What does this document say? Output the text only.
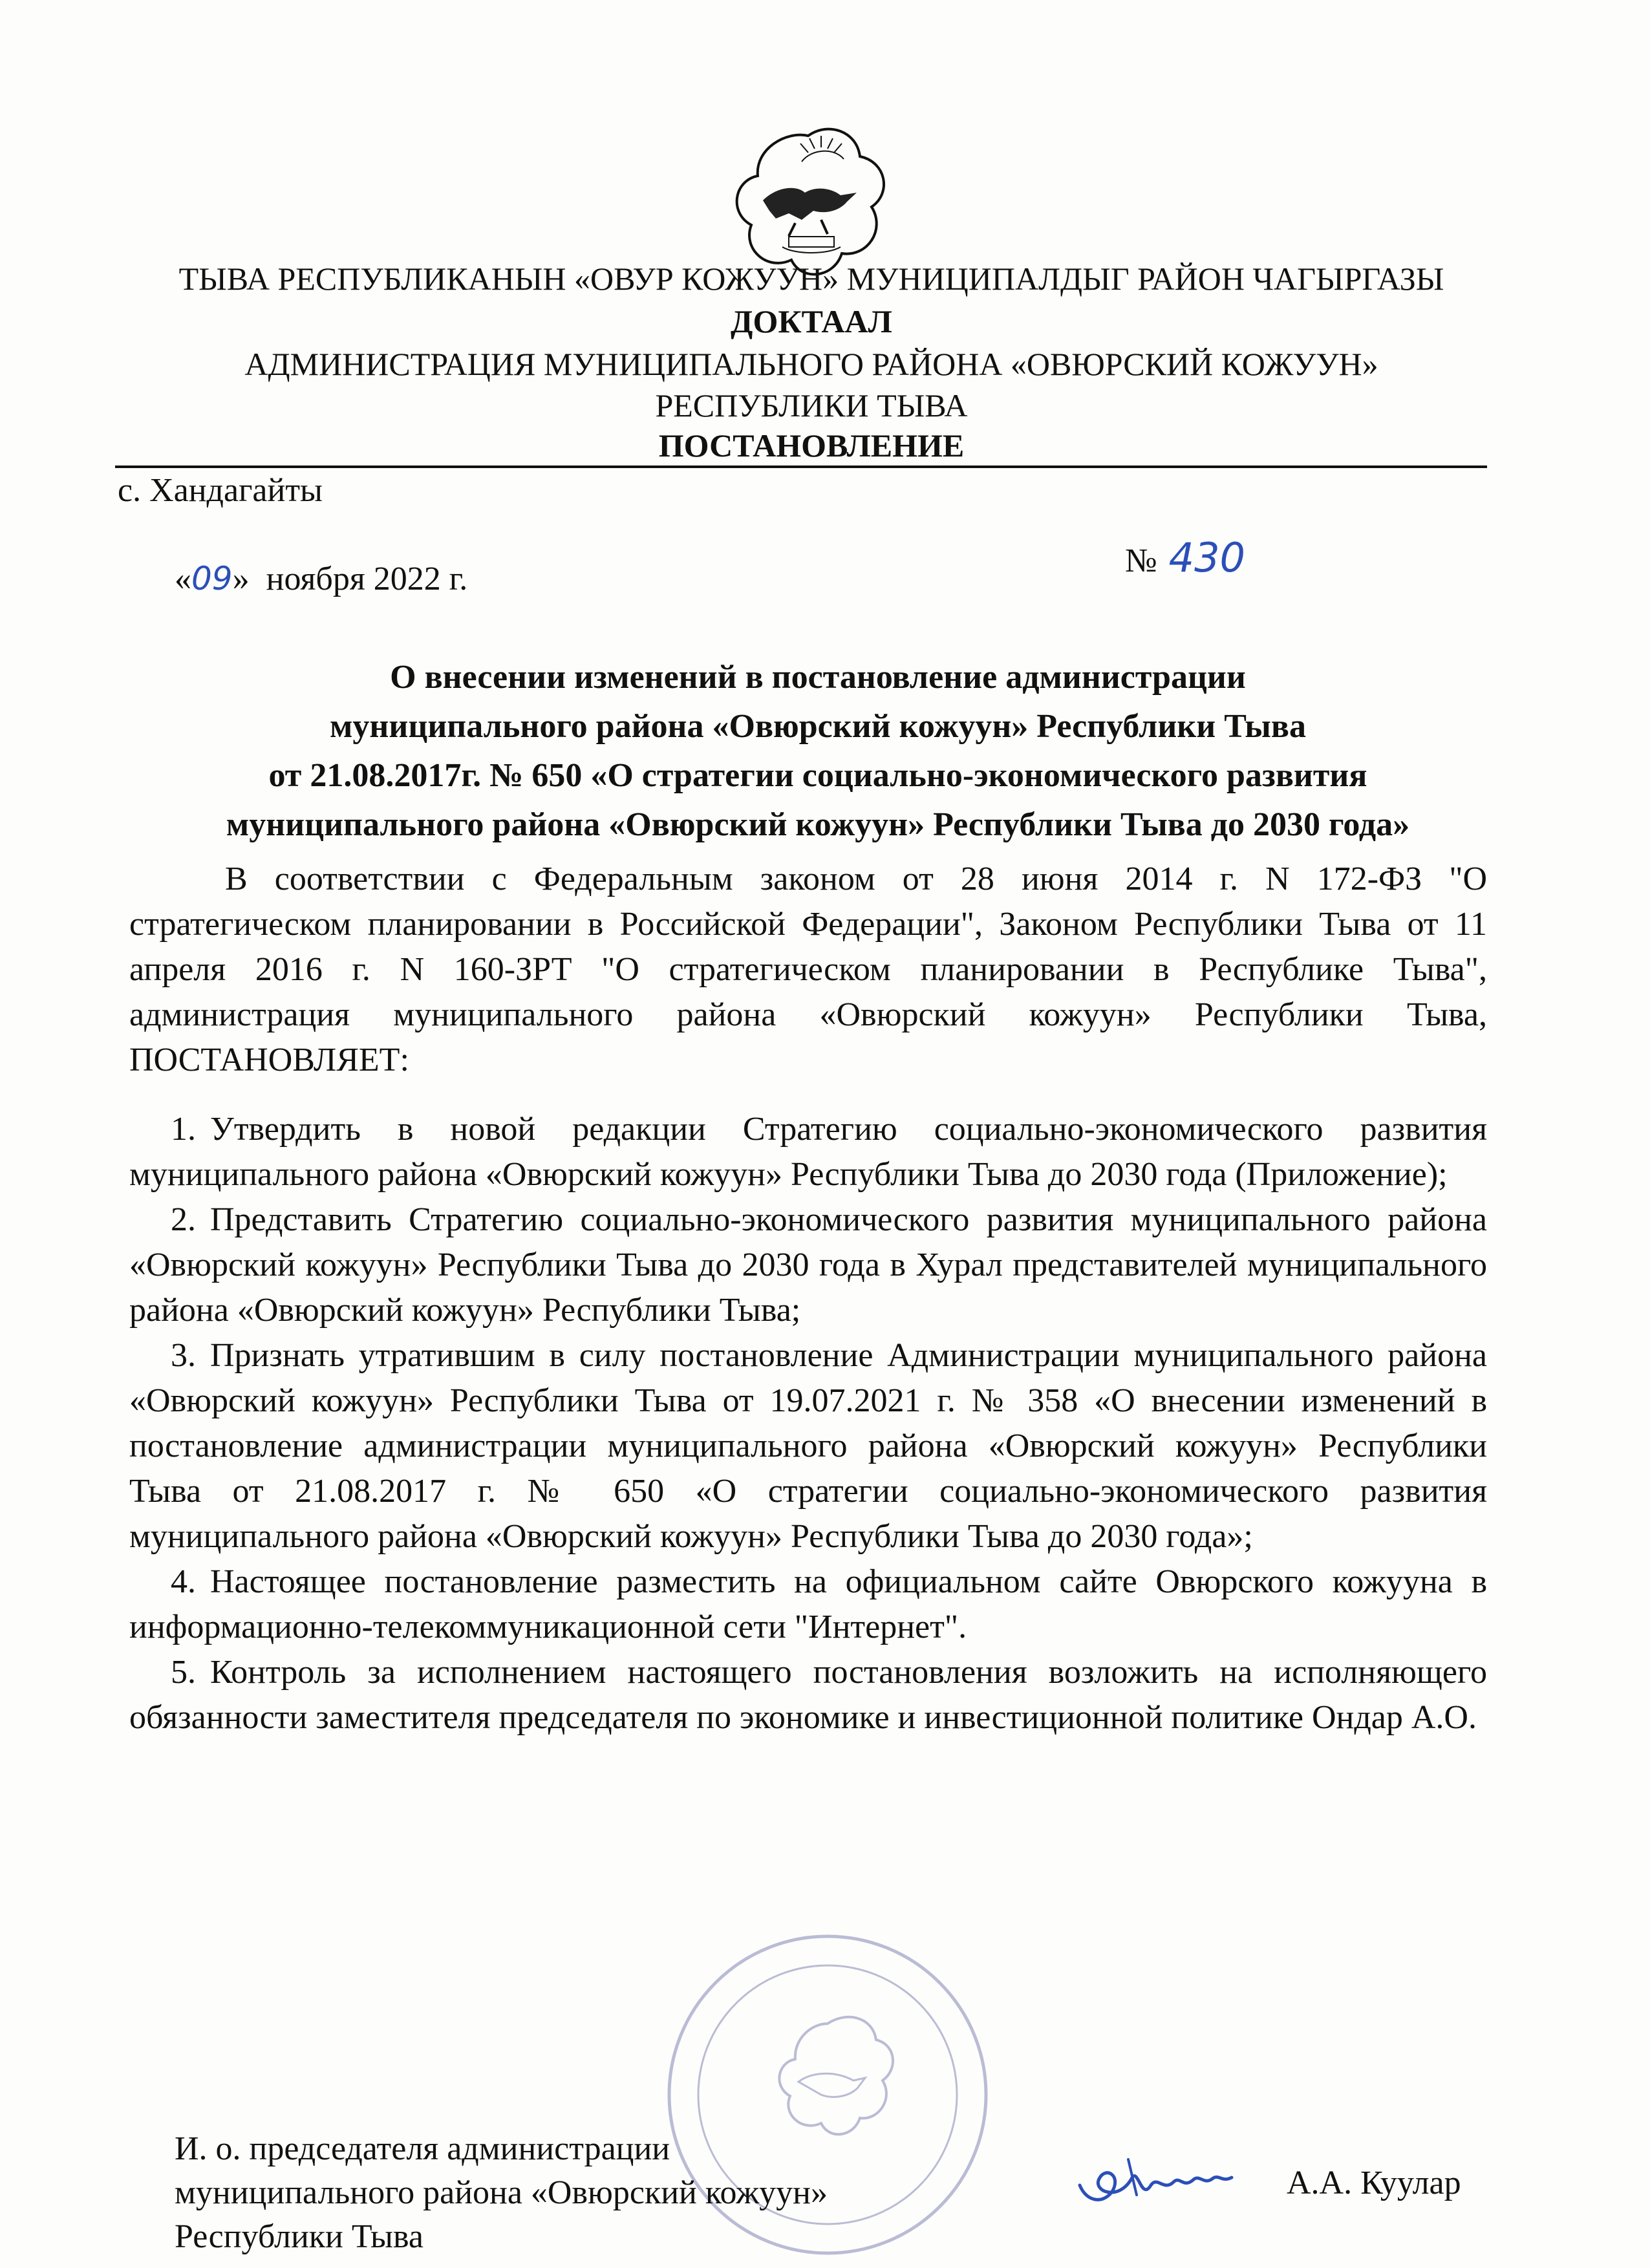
ТЫВА РЕСПУБЛИКАНЫН «ОВУР КОЖУУН» МУНИЦИПАЛДЫГ РАЙОН ЧАГЫРГАЗЫ
ДОКТААЛ
АДМИНИСТРАЦИЯ МУНИЦИПАЛЬНОГО РАЙОНА «ОВЮРСКИЙ КОЖУУН»
РЕСПУБЛИКИ ТЫВА
ПОСТАНОВЛЕНИЕ
с. Хандагайты
«09» ноября 2022 г.	№ 430
О внесении изменений в постановление администрации
муниципального района «Овюрский кожуун» Республики Тыва
от 21.08.2017г. № 650 «О стратегии социально-экономического развития
муниципального района «Овюрский кожуун» Республики Тыва до 2030 года»
В соответствии с Федеральным законом от 28 июня 2014 г. N 172-ФЗ "О стратегическом планировании в Российской Федерации", Законом Республики Тыва от 11 апреля 2016 г. N 160-ЗРТ "О стратегическом планировании в Республике Тыва", администрация муниципального района «Овюрский кожуун» Республики Тыва, ПОСТАНОВЛЯЕТ:

1. Утвердить в новой редакции Стратегию социально-экономического развития муниципального района «Овюрский кожуун» Республики Тыва до 2030 года (Приложение);

2. Представить Стратегию социально-экономического развития муниципального района «Овюрский кожуун» Республики Тыва до 2030 года в Хурал представителей муниципального района «Овюрский кожуун» Республики Тыва;

3. Признать утратившим в силу постановление Администрации муниципального района «Овюрский кожуун» Республики Тыва от 19.07.2021 г. № 358 «О внесении изменений в постановление администрации муниципального района «Овюрский кожуун» Республики Тыва от 21.08.2017 г. № 650 «О стратегии социально-экономического развития муниципального района «Овюрский кожуун» Республики Тыва до 2030 года»;

4. Настоящее постановление разместить на официальном сайте Овюрского кожууна в информационно-телекоммуникационной сети "Интернет".

5. Контроль за исполнением настоящего постановления возложить на исполняющего обязанности заместителя председателя по экономике и инвестиционной политике Ондар А.О.

И. о. председателя администрации
муниципального района «Овюрский кожуун»
Республики Тыва
А.А. Куулар
